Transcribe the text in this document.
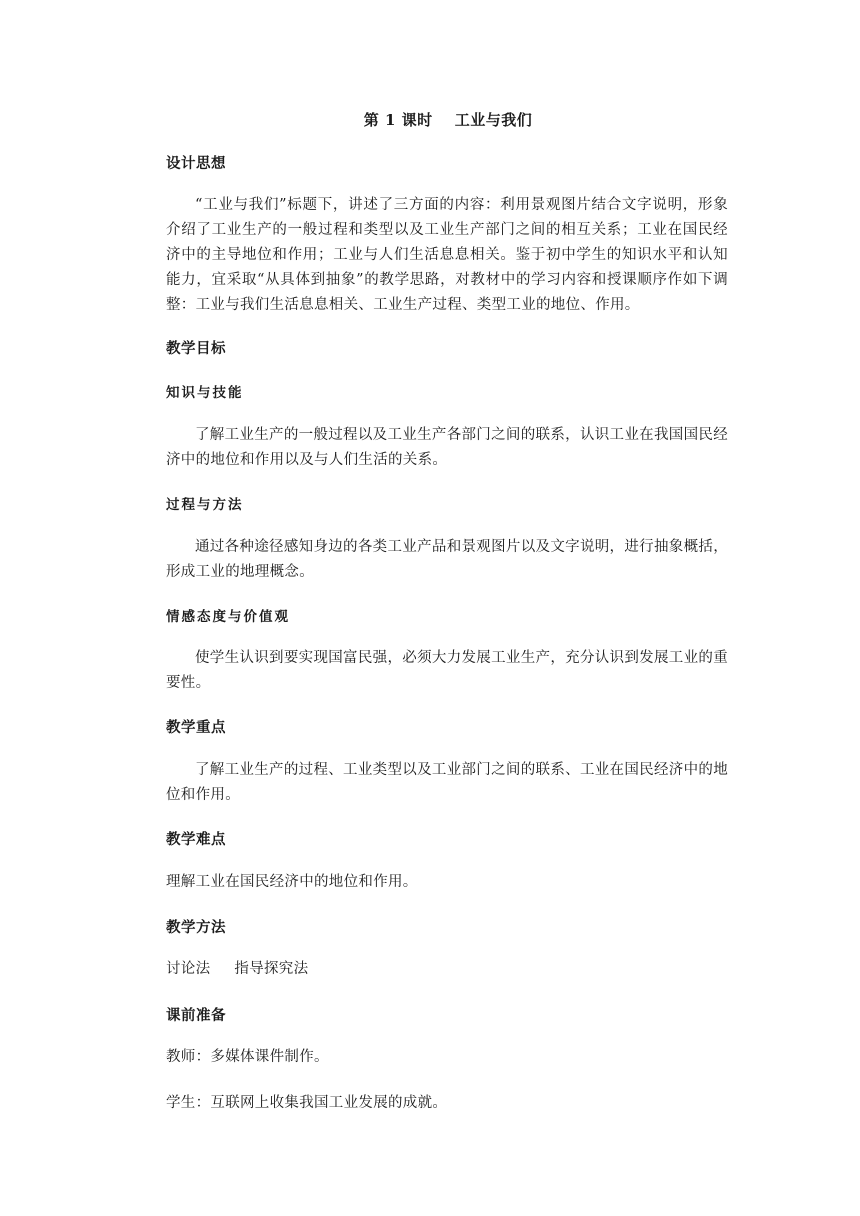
第 1 课时 工业与我们
设计思想
“工业与我们”标题下，讲述了三方面的内容：利用景观图片结合文字说明，形象介绍了工业生产的一般过程和类型以及工业生产部门之间的相互关系；工业在国民经济中的主导地位和作用；工业与人们生活息息相关。鉴于初中学生的知识水平和认知能力，宜采取“从具体到抽象”的教学思路，对教材中的学习内容和授课顺序作如下调整：工业与我们生活息息相关、工业生产过程、类型工业的地位、作用。
教学目标
知识与技能
了解工业生产的一般过程以及工业生产各部门之间的联系，认识工业在我国国民经济中的地位和作用以及与人们生活的关系。
过程与方法
通过各种途径感知身边的各类工业产品和景观图片以及文字说明，进行抽象概括，形成工业的地理概念。
情感态度与价值观
使学生认识到要实现国富民强，必须大力发展工业生产，充分认识到发展工业的重要性。
教学重点
了解工业生产的过程、工业类型以及工业部门之间的联系、工业在国民经济中的地位和作用。
教学难点
理解工业在国民经济中的地位和作用。
教学方法
讨论法 指导探究法
课前准备
教师：多媒体课件制作。
学生：互联网上收集我国工业发展的成就。
